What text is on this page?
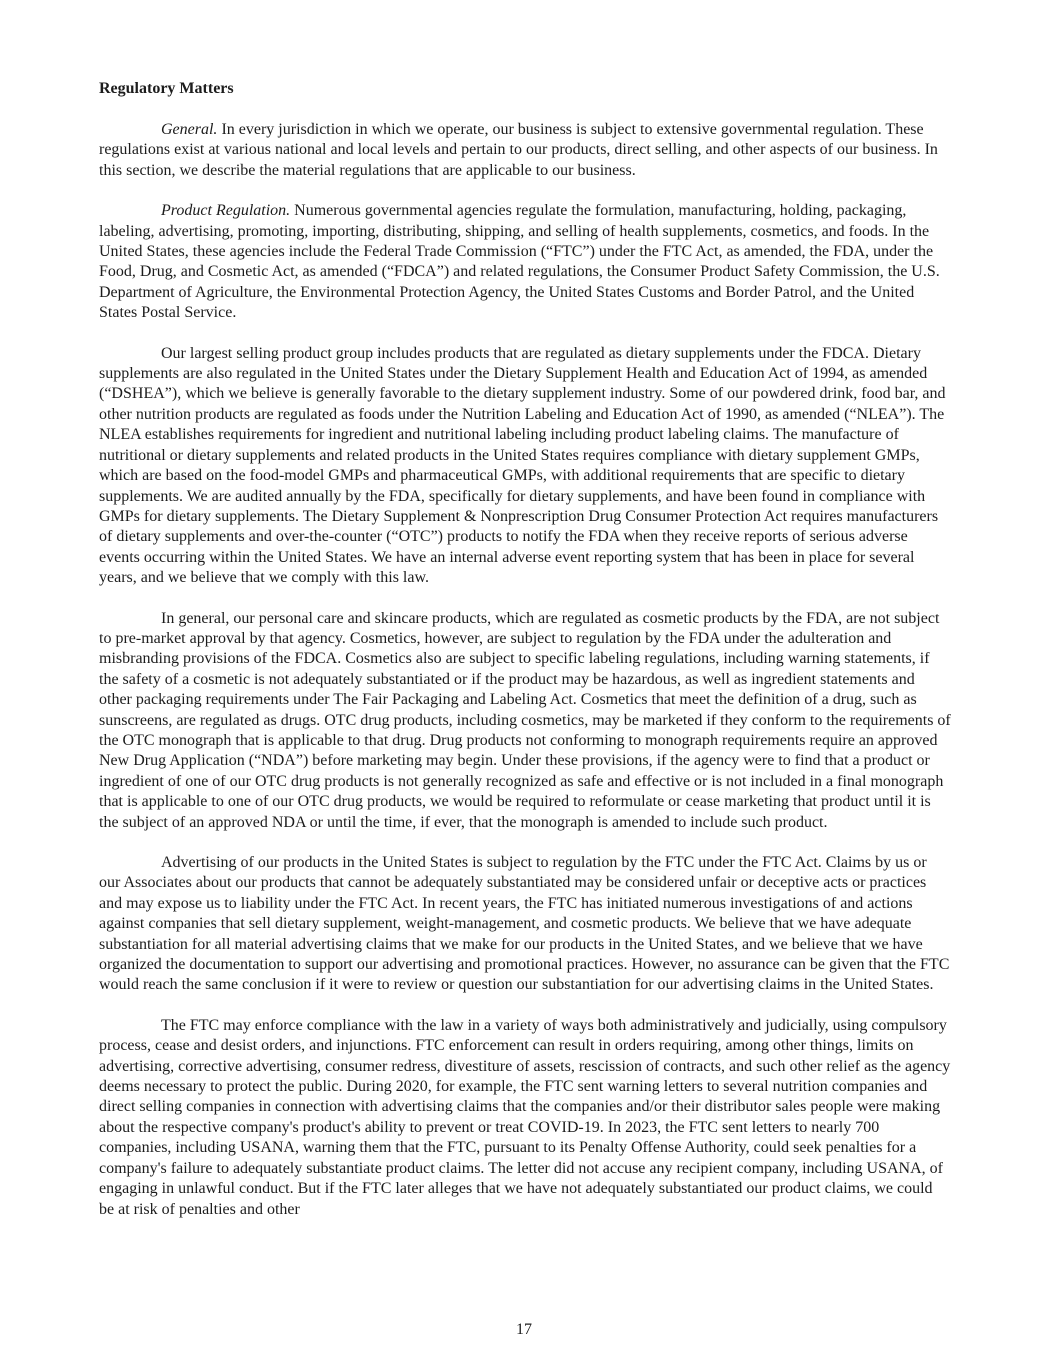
Regulatory Matters

General. In every jurisdiction in which we operate, our business is subject to extensive governmental regulation. These regulations exist at various national and local levels and pertain to our products, direct selling, and other aspects of our business. In this section, we describe the material regulations that are applicable to our business.

Product Regulation. Numerous governmental agencies regulate the formulation, manufacturing, holding, packaging, labeling, advertising, promoting, importing, distributing, shipping, and selling of health supplements, cosmetics, and foods. In the United States, these agencies include the Federal Trade Commission (“FTC”) under the FTC Act, as amended, the FDA, under the Food, Drug, and Cosmetic Act, as amended (“FDCA”) and related regulations, the Consumer Product Safety Commission, the U.S. Department of Agriculture, the Environmental Protection Agency, the United States Customs and Border Patrol, and the United States Postal Service.

Our largest selling product group includes products that are regulated as dietary supplements under the FDCA. Dietary supplements are also regulated in the United States under the Dietary Supplement Health and Education Act of 1994, as amended (“DSHEA”), which we believe is generally favorable to the dietary supplement industry. Some of our powdered drink, food bar, and other nutrition products are regulated as foods under the Nutrition Labeling and Education Act of 1990, as amended (“NLEA”). The NLEA establishes requirements for ingredient and nutritional labeling including product labeling claims. The manufacture of nutritional or dietary supplements and related products in the United States requires compliance with dietary supplement GMPs, which are based on the food-model GMPs and pharmaceutical GMPs, with additional requirements that are specific to dietary supplements. We are audited annually by the FDA, specifically for dietary supplements, and have been found in compliance with GMPs for dietary supplements. The Dietary Supplement & Nonprescription Drug Consumer Protection Act requires manufacturers of dietary supplements and over-the-counter (“OTC”) products to notify the FDA when they receive reports of serious adverse events occurring within the United States. We have an internal adverse event reporting system that has been in place for several years, and we believe that we comply with this law.

In general, our personal care and skincare products, which are regulated as cosmetic products by the FDA, are not subject to pre-market approval by that agency. Cosmetics, however, are subject to regulation by the FDA under the adulteration and misbranding provisions of the FDCA. Cosmetics also are subject to specific labeling regulations, including warning statements, if the safety of a cosmetic is not adequately substantiated or if the product may be hazardous, as well as ingredient statements and other packaging requirements under The Fair Packaging and Labeling Act. Cosmetics that meet the definition of a drug, such as sunscreens, are regulated as drugs. OTC drug products, including cosmetics, may be marketed if they conform to the requirements of the OTC monograph that is applicable to that drug. Drug products not conforming to monograph requirements require an approved New Drug Application (“NDA”) before marketing may begin. Under these provisions, if the agency were to find that a product or ingredient of one of our OTC drug products is not generally recognized as safe and effective or is not included in a final monograph that is applicable to one of our OTC drug products, we would be required to reformulate or cease marketing that product until it is the subject of an approved NDA or until the time, if ever, that the monograph is amended to include such product.

Advertising of our products in the United States is subject to regulation by the FTC under the FTC Act. Claims by us or our Associates about our products that cannot be adequately substantiated may be considered unfair or deceptive acts or practices and may expose us to liability under the FTC Act. In recent years, the FTC has initiated numerous investigations of and actions against companies that sell dietary supplement, weight-management, and cosmetic products. We believe that we have adequate substantiation for all material advertising claims that we make for our products in the United States, and we believe that we have organized the documentation to support our advertising and promotional practices. However, no assurance can be given that the FTC would reach the same conclusion if it were to review or question our substantiation for our advertising claims in the United States.

The FTC may enforce compliance with the law in a variety of ways both administratively and judicially, using compulsory process, cease and desist orders, and injunctions. FTC enforcement can result in orders requiring, among other things, limits on advertising, corrective advertising, consumer redress, divestiture of assets, rescission of contracts, and such other relief as the agency deems necessary to protect the public. During 2020, for example, the FTC sent warning letters to several nutrition companies and direct selling companies in connection with advertising claims that the companies and/or their distributor sales people were making about the respective company's product's ability to prevent or treat COVID-19. In 2023, the FTC sent letters to nearly 700 companies, including USANA, warning them that the FTC, pursuant to its Penalty Offense Authority, could seek penalties for a company's failure to adequately substantiate product claims. The letter did not accuse any recipient company, including USANA, of engaging in unlawful conduct. But if the FTC later alleges that we have not adequately substantiated our product claims, we could be at risk of penalties and other

17
